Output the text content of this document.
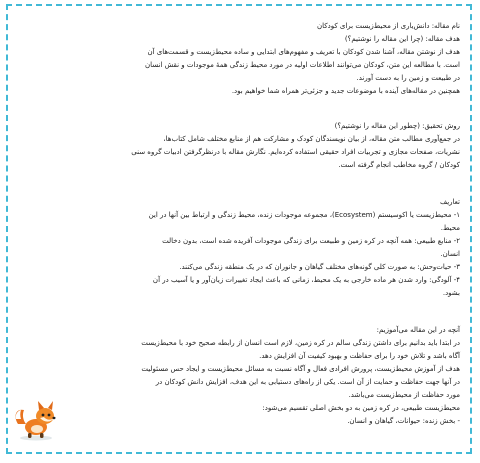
نام مقاله: دانش‌یاری از محیط‌زیست برای کودکان

هدف مقاله: (چرا این مقاله را نوشتیم؟)

هدف از نوشتن مقاله، آشنا شدن کودکان با تعریف و مفهوم‌های ابتدایی و ساده محیط‌زیست و قسمت‌های آن

است. با مطالعه این متن، کودکان می‌توانند اطلاعات اولیه در مورد محیط زندگی همهٔ موجودات و نقش انسان

در طبیعت و زمین را به دست آورند.

همچنین در مقاله‌های آینده با موضوعات جدید و جزئی‌تر همراه شما خواهیم بود.

روش تحقیق: (چطور این مقاله را نوشتیم؟)

در جمع‌آوری مطالب متن مقاله، از بیان نویسندگان کودک و مشارکت هم از منابع مختلف شامل کتاب‌ها،

نشریات، صفحات مجازی و تجربیات افراد حقیقی استفاده کرده‌ایم. نگارش مقاله با درنظرگرفتن ادبیات گروه سنی

کودکان / گروه مخاطب انجام گرفته است.

تعاریف

۱- محیط‌زیست یا اکوسیستم (Ecosystem)، مجموعه موجودات زنده، محیط زندگی و ارتباط بین آنها در این

محیط.

۲- منابع طبیعی: همه آنچه در کره زمین و طبیعت برای زندگی موجودات آفریده شده است، بدون دخالت

انسان.

۳- حیات‌وحش: به صورت کلی گونه‌های مختلف گیاهان و جانوران که در یک منطقه زندگی می‌کنند.

۴- آلودگی: وارد شدن هر ماده خارجی به یک محیط، زمانی که باعث ایجاد تغییرات زیان‌آور و یا آسیب در آن

بشود.

آنچه در این مقاله می‌آموزیم:

در ابتدا باید بدانیم برای داشتن زندگی سالم در کره زمین، لازم است انسان از رابطه صحیح خود با محیط‌زیست

آگاه باشد و تلاش خود را برای حفاظت و بهبود کیفیت آن افزایش دهد.

هدف از آموزش محیط‌زیست، پرورش افرادی فعال و آگاه نسبت به مسائل محیط‌زیست و ایجاد حس مسئولیت

در آنها جهت حفاظت و حمایت از آن است. یکی از راه‌های دستیابی به این هدف، افزایش دانش کودکان در

مورد حفاظت از محیط‌زیست می‌باشد.

محیط‌زیست طبیعی، در کره زمین به دو بخش اصلی تقسیم می‌شود:

- بخش زنده: حیوانات، گیاهان و انسان.
